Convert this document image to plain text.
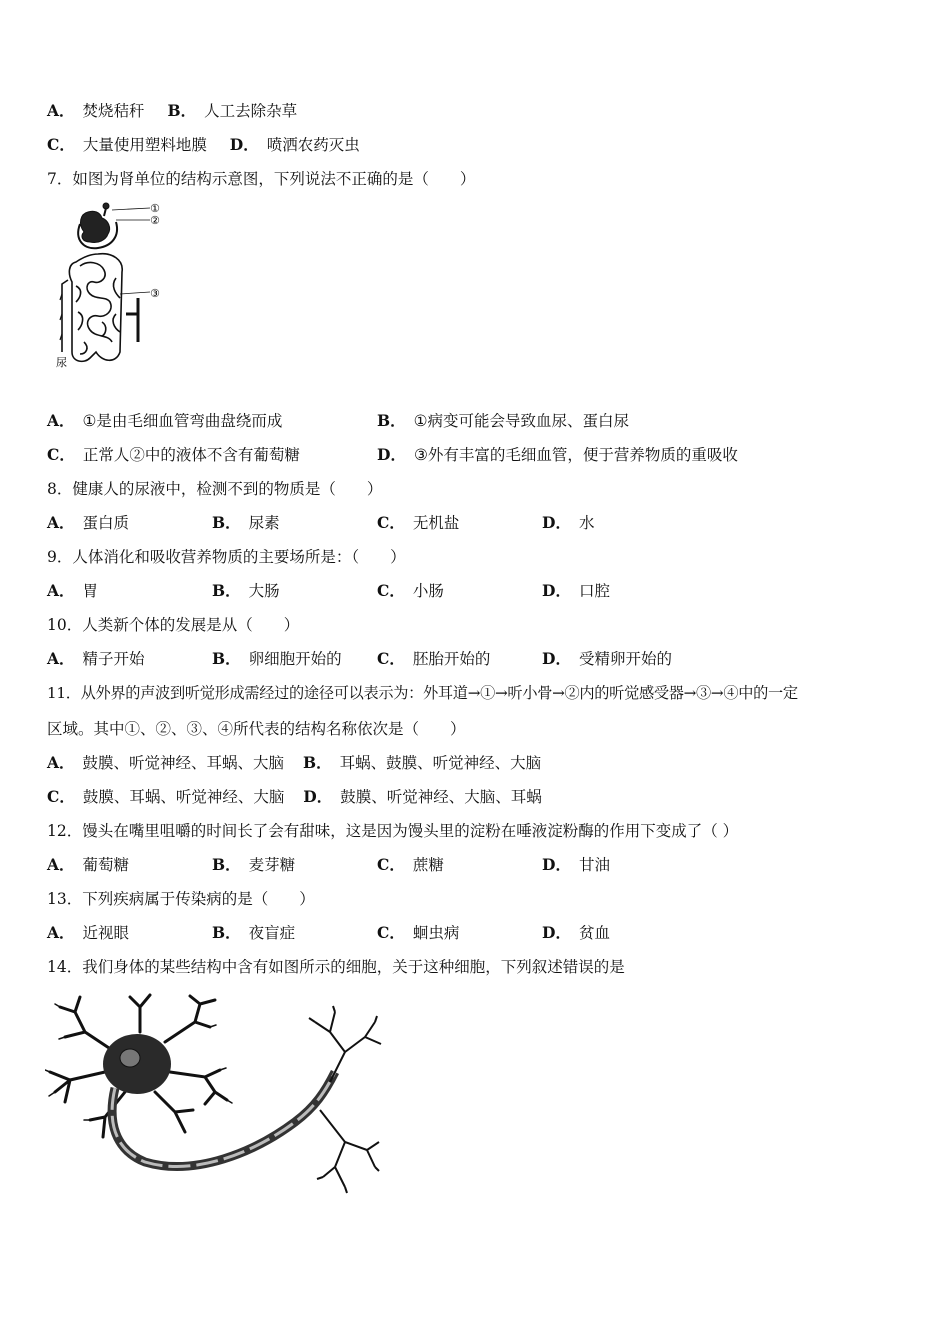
A． 焚烧秸秆 B． 人工去除杂草
C． 大量使用塑料地膜 D． 喷洒农药灭虫
7．如图为肾单位的结构示意图，下列说法不正确的是（　　）
①
②
③
尿
A． ①是由毛细血管弯曲盘绕而成	B． ①病变可能会导致血尿、蛋白尿
C． 正常人②中的液体不含有葡萄糖	D． ③外有丰富的毛细血管，便于营养物质的重吸收
8．健康人的尿液中，检测不到的物质是（　　）
A． 蛋白质	B． 尿素	C． 无机盐	D． 水
9．人体消化和吸收营养物质的主要场所是：（　　）
A． 胃	B． 大肠	C． 小肠	D． 口腔
10．人类新个体的发展是从（　　）
A． 精子开始	B． 卵细胞开始的 C． 胚胎开始的	D． 受精卵开始的
11．从外界的声波到听觉形成需经过的途径可以表示为：外耳道→①→听小骨→②内的听觉感受器→③→④中的一定
区域。其中①、②、③、④所代表的结构名称依次是（　　）
A． 鼓膜、听觉神经、耳蜗、大脑 B． 耳蜗、鼓膜、听觉神经、大脑
C． 鼓膜、耳蜗、听觉神经、大脑 D． 鼓膜、听觉神经、大脑、耳蜗
12．馒头在嘴里咀嚼的时间长了会有甜味，这是因为馒头里的淀粉在唾液淀粉酶的作用下变成了（ ）
A． 葡萄糖	B． 麦芽糖	C． 蔗糖	D． 甘油
13．下列疾病属于传染病的是（　　）
A． 近视眼	B． 夜盲症	C． 蛔虫病	D． 贫血
14．我们身体的某些结构中含有如图所示的细胞，关于这种细胞，下列叙述错误的是
